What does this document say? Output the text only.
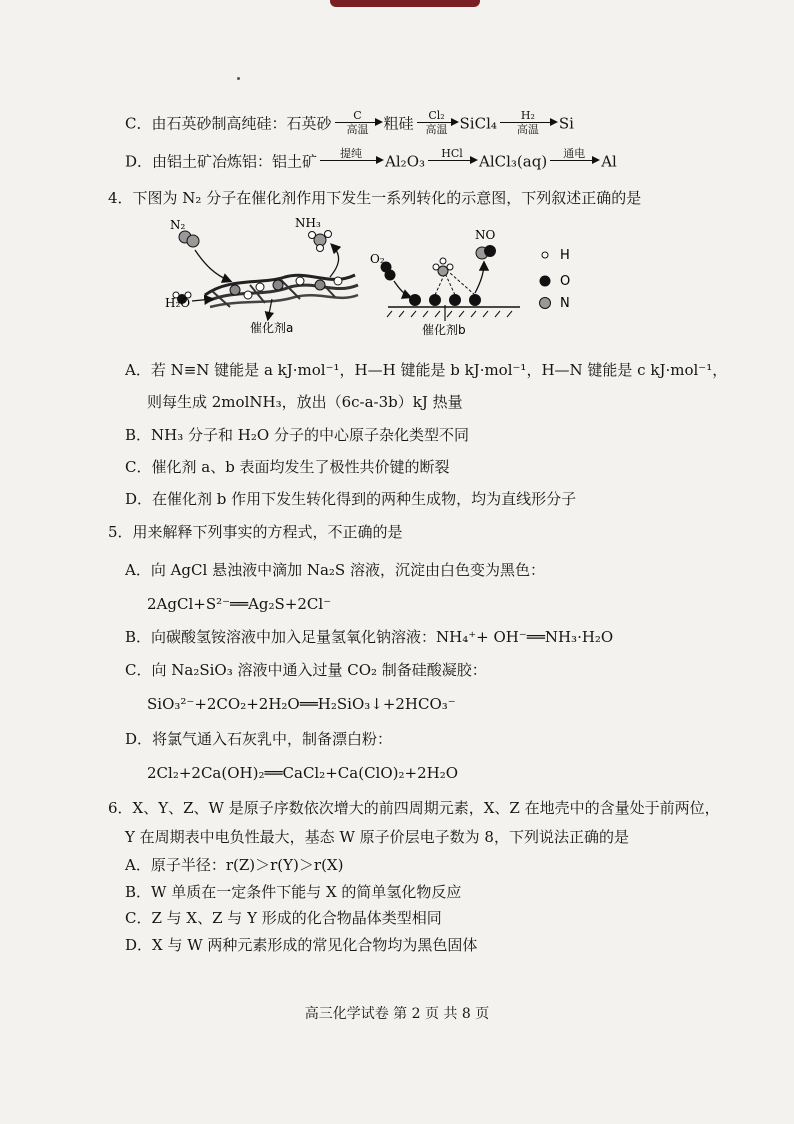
C．由石英砂制高纯硅：石英砂 C
高温 粗硅 Cl₂
高温 SiCl₄ H₂
高温 Si
D．由铝土矿冶炼铝：铝土矿 提纯 Al₂O₃ HCl AlCl₃(aq) 通电 Al
4．下图为 N₂ 分子在催化剂作用下发生一系列转化的示意图，下列叙述正确的是
N₂	NH₃
H₂O
催化剂a
O₂
NO
催化剂b
H
O
N
A．若 N≡N 键能是 a kJ·mol⁻¹，H—H 键能是 b kJ·mol⁻¹，H—N 键能是 c kJ·mol⁻¹，
则每生成 2molNH₃，放出（6c-a-3b）kJ 热量
B．NH₃ 分子和 H₂O 分子的中心原子杂化类型不同
C．催化剂 a、b 表面均发生了极性共价键的断裂
D．在催化剂 b 作用下发生转化得到的两种生成物，均为直线形分子
5．用来解释下列事实的方程式，不正确的是
A．向 AgCl 悬浊液中滴加 Na₂S 溶液，沉淀由白色变为黑色：
2AgCl+S²⁻══Ag₂S+2Cl⁻
B．向碳酸氢铵溶液中加入足量氢氧化钠溶液：NH₄⁺+ OH⁻══NH₃·H₂O
C．向 Na₂SiO₃ 溶液中通入过量 CO₂ 制备硅酸凝胶：
SiO₃²⁻+2CO₂+2H₂O══H₂SiO₃↓+2HCO₃⁻
D．将氯气通入石灰乳中，制备漂白粉：
2Cl₂+2Ca(OH)₂══CaCl₂+Ca(ClO)₂+2H₂O
6．X、Y、Z、W 是原子序数依次增大的前四周期元素，X、Z 在地壳中的含量处于前两位，
Y 在周期表中电负性最大，基态 W 原子价层电子数为 8，下列说法正确的是
A．原子半径：r(Z)＞r(Y)＞r(X)
B．W 单质在一定条件下能与 X 的简单氢化物反应
C．Z 与 X、Z 与 Y 形成的化合物晶体类型相同
D．X 与 W 两种元素形成的常见化合物均为黑色固体
高三化学试卷 第 2 页 共 8 页
